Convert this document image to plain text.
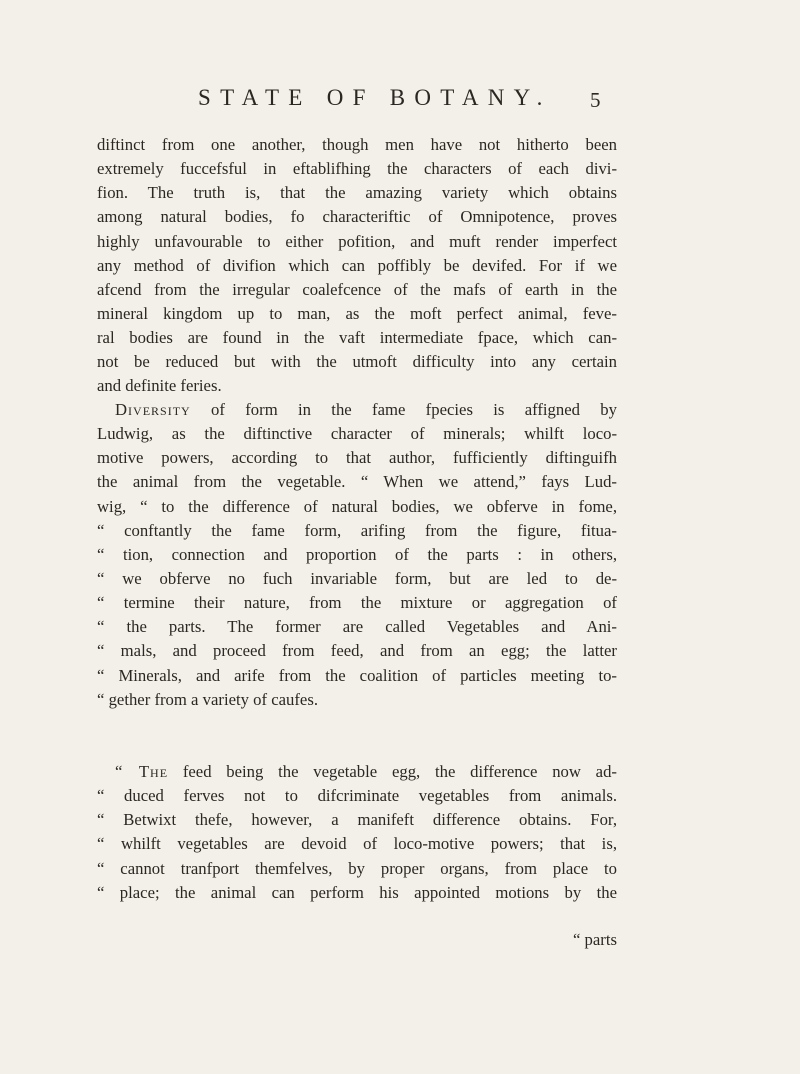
STATE OF BOTANY. 5
diftinct from one another, though men have not hitherto been
extremely fuccefsful in eftablifhing the charaсters of each divi-
fion. The truth is, that the amazing variety which obtains
among natural bodies, fo characteriftic of Omnipotence, proves
highly unfavourable to either pofition, and muft render imperfect
any method of divifion which can poffibly be devifed. For if we
afcend from the irregular coalefcence of the mafs of earth in the
mineral kingdom up to man, as the moft perfect animal, feve-
ral bodies are found in the vaft intermediate fpace, which can-
not be reduced but with the utmoft difficulty into any certain
and definite feries.
Diversity of form in the fame fpecies is affigned by
Ludwig, as the diftinctive character of minerals; whilft loco-
motive powers, according to that author, fufficiently diftinguifh
the animal from the vegetable. “ When we attend,” fays Lud-
wig, “ to the difference of natural bodies, we obferve in fome,
“ conftantly the fame form, arifing from the figure, fitua-
“ tion, connection and proportion of the parts : in others,
“ we obferve no fuch invariable form, but are led to de-
“ termine their nature, from the mixture or aggregation of
“ the parts. The former are called Vegetables and Ani-
“ mals, and proceed from feed, and from an egg; the latter
“ Minerals, and arife from the coalition of particles meeting to-
“ gether from a variety of caufes.
“ The feed being the vegetable egg, the difference now ad-
“ duced ferves not to difcriminate vegetables from animals.
“ Betwixt thefe, however, a manifeft difference obtains. For,
“ whilft vegetables are devoid of loco-motive powers; that is,
“ cannot tranfport themfelves, by proper organs, from place to
“ place; the animal can perform his appointed motions by the
“ parts
